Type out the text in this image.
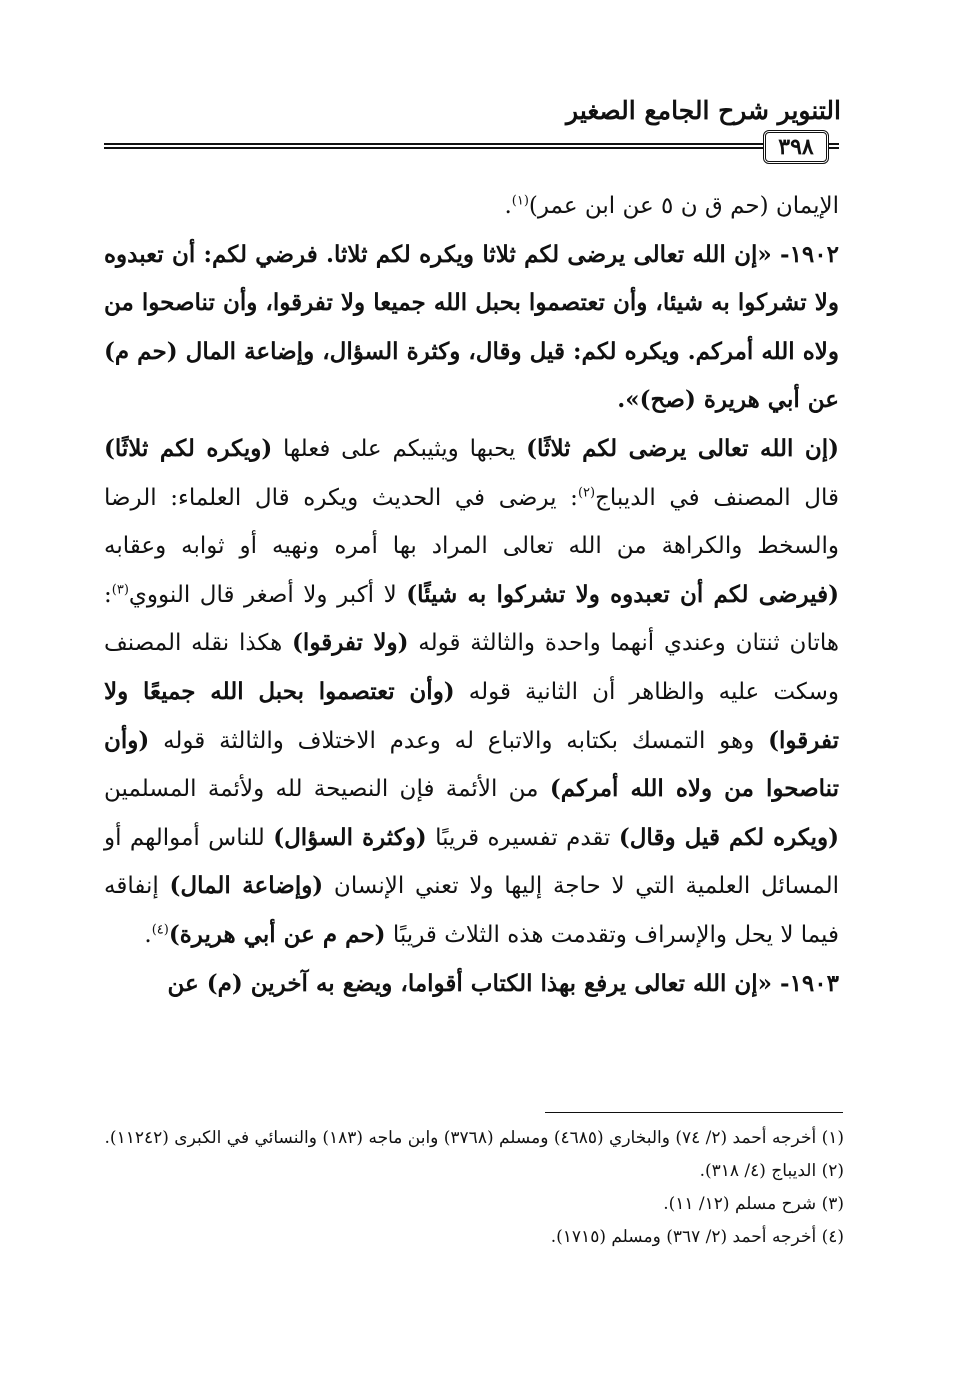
التنوير شرح الجامع الصغير
٣٩٨

الإيمان (حم ق ن ٥ عن ابن عمر)$^{(١)}$.

١٩٠٢- «إن الله تعالى يرضى لكم ثلاثا ويكره لكم ثلاثا. فرضي لكم: أن تعبدوه ولا تشركوا به شيئا، وأن تعتصموا بحبل الله جميعا ولا تفرقوا، وأن تناصحوا من ولاه الله أمركم. ويكره لكم: قيل وقال، وكثرة السؤال، وإضاعة المال (حم م) عن أبي هريرة (صح)».

(إن الله تعالى يرضى لكم ثلاثًا) يحبها ويثيبكم على فعلها (ويكره لكم ثلاثًا) قال المصنف في الديباج$^{(٢)}$: يرضى في الحديث ويكره قال العلماء: الرضا والسخط والكراهة من الله تعالى المراد بها أمره ونهيه أو ثوابه وعقابه (فيرضى لكم أن تعبدوه ولا تشركوا به شيئًا) لا أكبر ولا أصغر قال النووي$^{(٣)}$: هاتان ثنتان وعندي أنهما واحدة والثالثة قوله (ولا تفرقوا) هكذا نقله المصنف وسكت عليه والظاهر أن الثانية قوله (وأن تعتصموا بحبل الله جميعًا ولا تفرقوا) وهو التمسك بكتابه والاتباع له وعدم الاختلاف والثالثة قوله (وأن تناصحوا من ولاه الله أمركم) من الأئمة فإن النصيحة لله ولأئمة المسلمين (ويكره لكم قيل وقال) تقدم تفسيره قريبًا (وكثرة السؤال) للناس أموالهم أو المسائل العلمية التي لا حاجة إليها ولا تعني الإنسان (وإضاعة المال) إنفاقه فيما لا يحل والإسراف وتقدمت هذه الثلاث قريبًا (حم م عن أبي هريرة)$^{(٤)}$.

١٩٠٣- «إن الله تعالى يرفع بهذا الكتاب أقواما، ويضع به آخرين (م) عن

(١) أخرجه أحمد (٢/ ٧٤) والبخاري (٤٦٨٥) ومسلم (٣٧٦٨) وابن ماجه (١٨٣) والنسائي في الكبرى (١١٢٤٢).

(٢) الديباج (٤/ ٣١٨).

(٣) شرح مسلم (١٢/ ١١).

(٤) أخرجه أحمد (٢/ ٣٦٧) ومسلم (١٧١٥).
